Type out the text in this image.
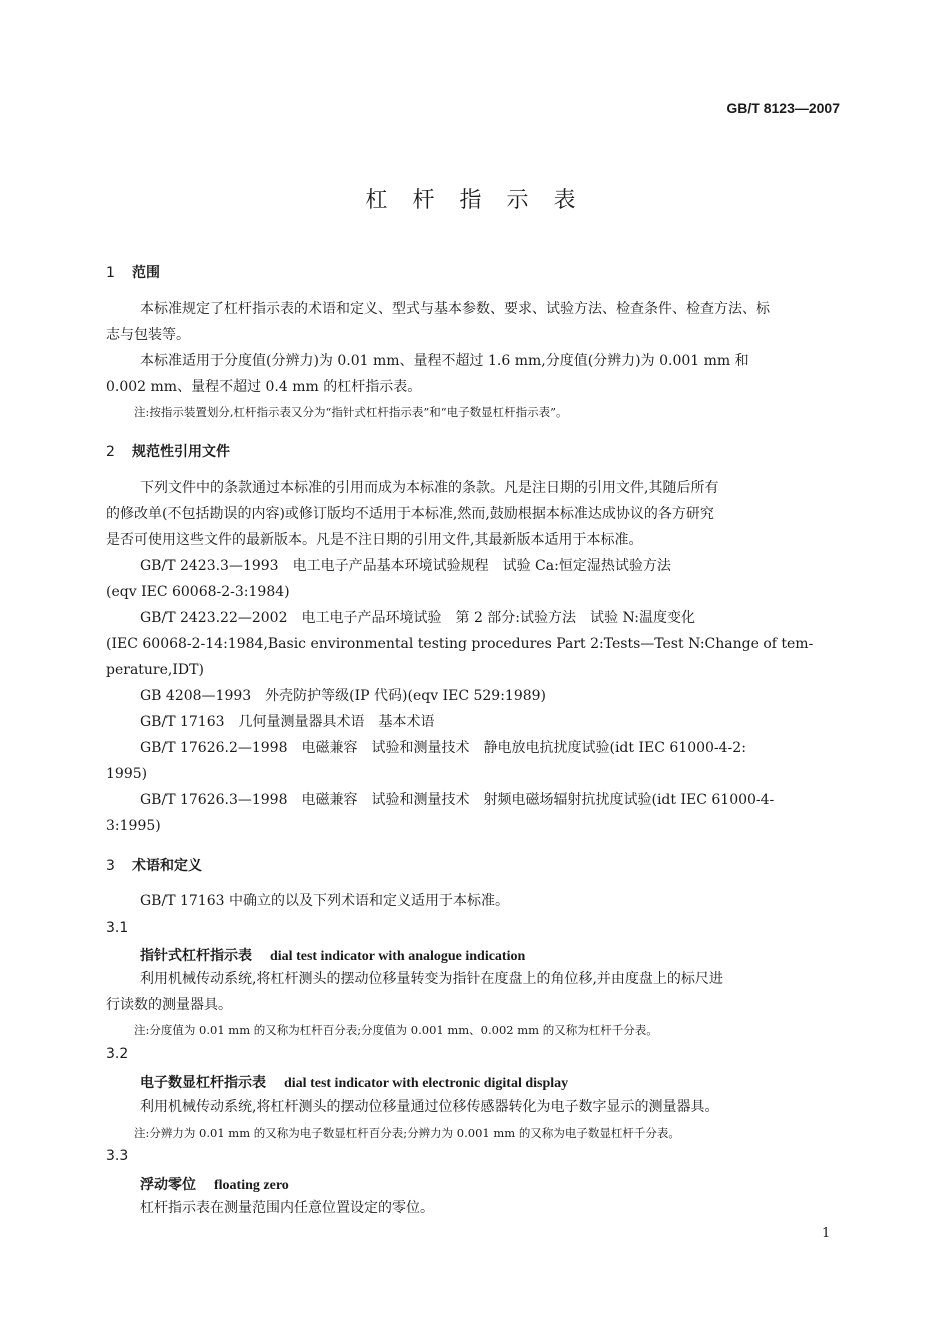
GB/T 8123—2007
杠 杆 指 示 表
1 范围
本标准规定了杠杆指示表的术语和定义、型式与基本参数、要求、试验方法、检查条件、检查方法、标
志与包装等。
本标准适用于分度值(分辨力)为 0.01 mm、量程不超过 1.6 mm,分度值(分辨力)为 0.001 mm 和
0.002 mm、量程不超过 0.4 mm 的杠杆指示表。
注:按指示装置划分,杠杆指示表又分为“指针式杠杆指示表”和“电子数显杠杆指示表”。
2 规范性引用文件
下列文件中的条款通过本标准的引用而成为本标准的条款。凡是注日期的引用文件,其随后所有
的修改单(不包括勘误的内容)或修订版均不适用于本标准,然而,鼓励根据本标准达成协议的各方研究
是否可使用这些文件的最新版本。凡是不注日期的引用文件,其最新版本适用于本标准。
GB/T 2423.3—1993　电工电子产品基本环境试验规程　试验 Ca:恒定湿热试验方法
(eqv IEC 60068-2-3:1984)
GB/T 2423.22—2002　电工电子产品环境试验　第 2 部分:试验方法　试验 N:温度变化
(IEC 60068-2-14:1984,Basic environmental testing procedures Part 2:Tests—Test N:Change of tem-
perature,IDT)
GB 4208—1993　外壳防护等级(IP 代码)(eqv IEC 529:1989)
GB/T 17163　几何量测量器具术语　基本术语
GB/T 17626.2—1998　电磁兼容　试验和测量技术　静电放电抗扰度试验(idt IEC 61000-4-2:
1995)
GB/T 17626.3—1998　电磁兼容　试验和测量技术　射频电磁场辐射抗扰度试验(idt IEC 61000-4-
3:1995)
3 术语和定义
GB/T 17163 中确立的以及下列术语和定义适用于本标准。
3.1
指针式杠杆指示表 dial test indicator with analogue indication
利用机械传动系统,将杠杆测头的摆动位移量转变为指针在度盘上的角位移,并由度盘上的标尺进
行读数的测量器具。
注:分度值为 0.01 mm 的又称为杠杆百分表;分度值为 0.001 mm、0.002 mm 的又称为杠杆千分表。
3.2
电子数显杠杆指示表 dial test indicator with electronic digital display
利用机械传动系统,将杠杆测头的摆动位移量通过位移传感器转化为电子数字显示的测量器具。
注:分辨力为 0.01 mm 的又称为电子数显杠杆百分表;分辨力为 0.001 mm 的又称为电子数显杠杆千分表。
3.3
浮动零位 floating zero
杠杆指示表在测量范围内任意位置设定的零位。
1
